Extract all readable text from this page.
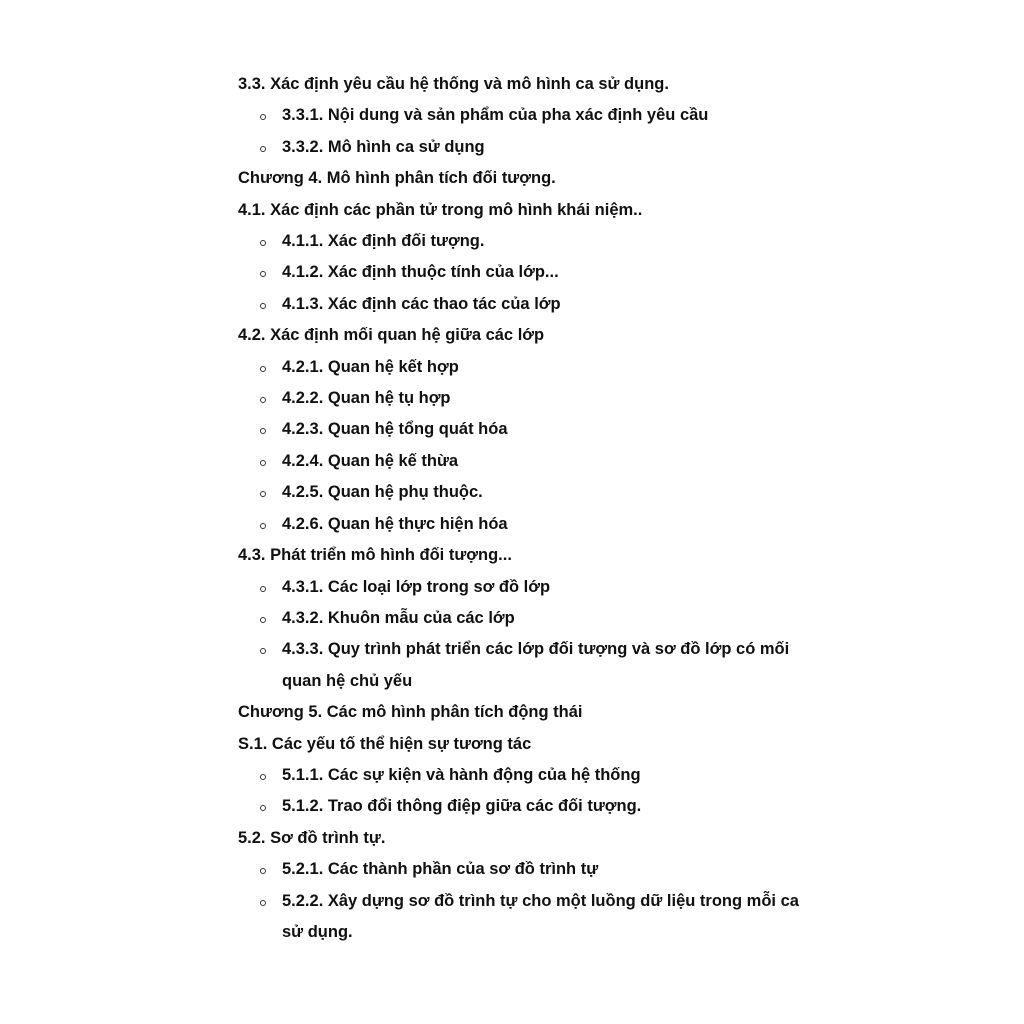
3.3. Xác định yêu cầu hệ thống và mô hình ca sử dụng.
3.3.1. Nội dung và sản phẩm của pha xác định yêu cầu
3.3.2. Mô hình ca sử dụng
Chương 4. Mô hình phân tích đối tượng.
4.1. Xác định các phần tử trong mô hình khái niệm..
4.1.1. Xác định đối tượng.
4.1.2. Xác định thuộc tính của lớp...
4.1.3. Xác định các thao tác của lớp
4.2. Xác định mối quan hệ giữa các lớp
4.2.1. Quan hệ kết hợp
4.2.2. Quan hệ tụ hợp
4.2.3. Quan hệ tổng quát hóa
4.2.4. Quan hệ kế thừa
4.2.5. Quan hệ phụ thuộc.
4.2.6. Quan hệ thực hiện hóa
4.3. Phát triển mô hình đối tượng...
4.3.1. Các loại lớp trong sơ đồ lớp
4.3.2. Khuôn mẫu của các lớp
4.3.3. Quy trình phát triển các lớp đối tượng và sơ đồ lớp có mối quan hệ chủ yếu
Chương 5. Các mô hình phân tích động thái
S.1. Các yếu tố thể hiện sự tương tác
5.1.1. Các sự kiện và hành động của hệ thống
5.1.2. Trao đổi thông điệp giữa các đối tượng.
5.2. Sơ đồ trình tự.
5.2.1. Các thành phần của sơ đồ trình tự
5.2.2. Xây dựng sơ đồ trình tự cho một luồng dữ liệu trong mỗi ca sử dụng.
